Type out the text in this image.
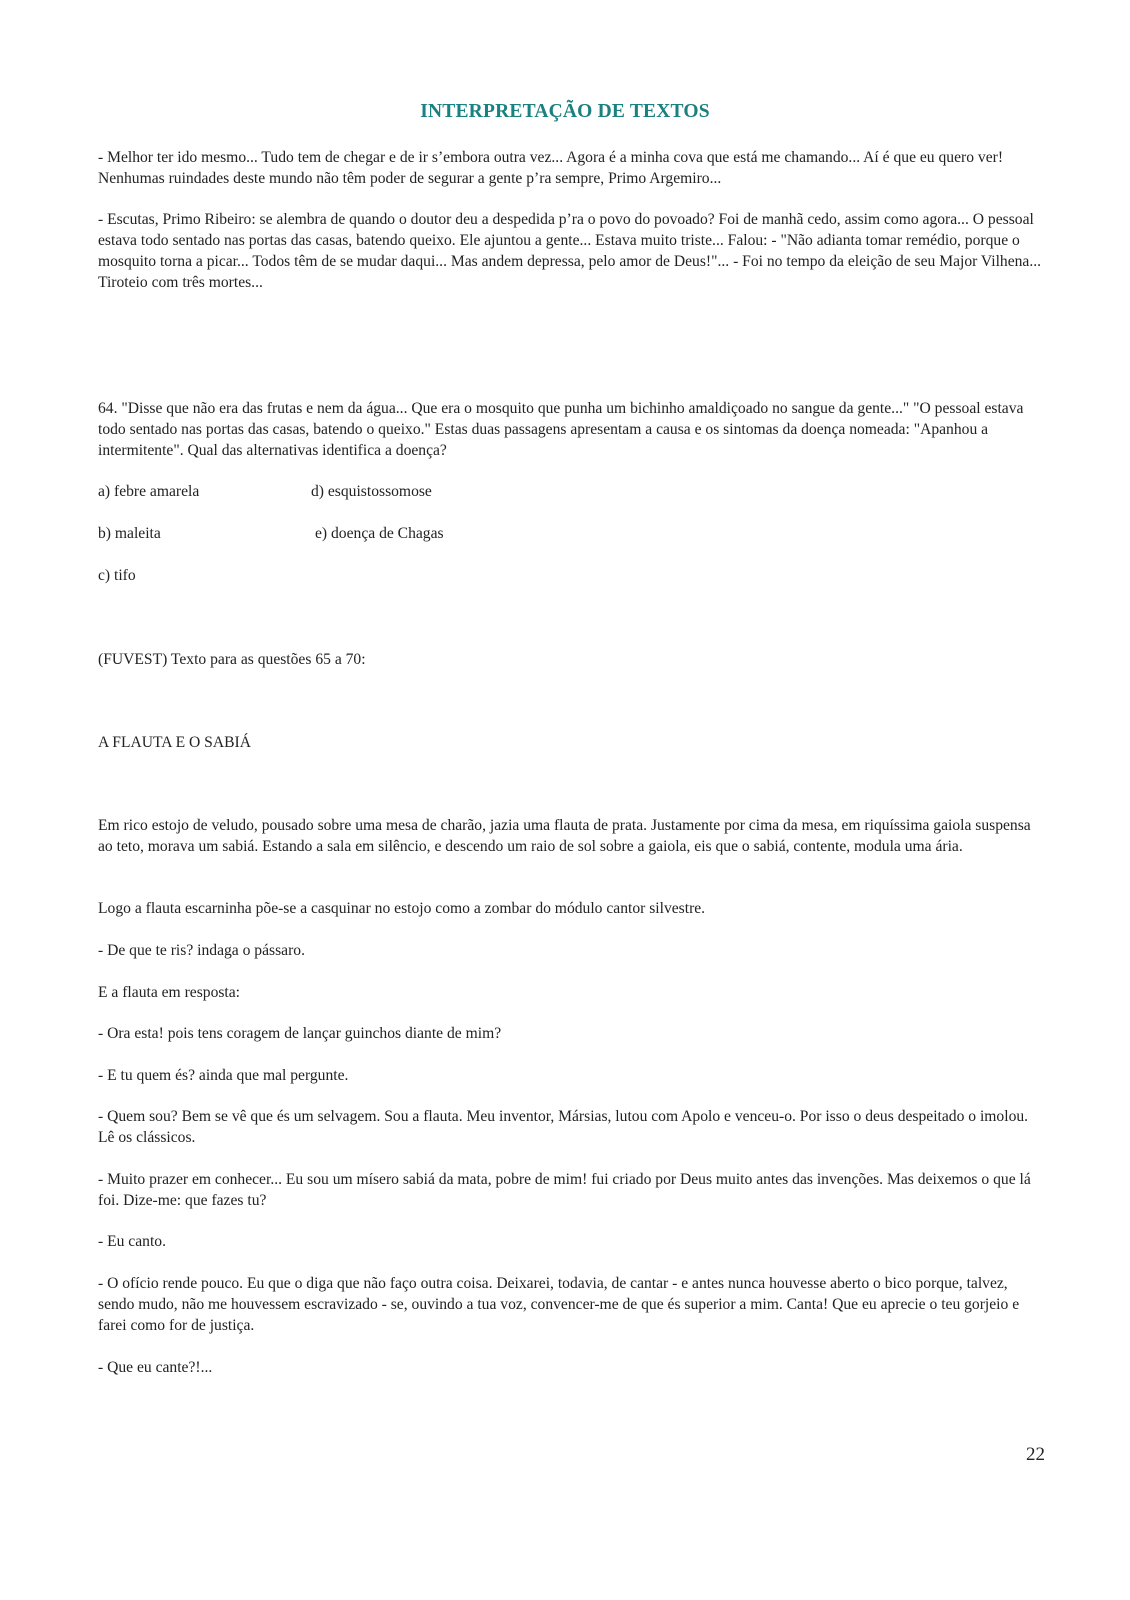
INTERPRETAÇÃO DE TEXTOS

- Melhor ter ido mesmo... Tudo tem de chegar e de ir s’embora outra vez... Agora é a minha cova que está me chamando... Aí é que eu quero ver! Nenhumas ruindades deste mundo não têm poder de segurar a gente p’ra sempre, Primo Argemiro...

- Escutas, Primo Ribeiro: se alembra de quando o doutor deu a despedida p’ra o povo do povoado? Foi de manhã cedo, assim como agora... O pessoal estava todo sentado nas portas das casas, batendo queixo. Ele ajuntou a gente... Estava muito triste... Falou: - "Não adianta tomar remédio, porque o mosquito torna a picar... Todos têm de se mudar daqui... Mas andem depressa, pelo amor de Deus!"... - Foi no tempo da eleição de seu Major Vilhena... Tiroteio com três mortes...

64. "Disse que não era das frutas e nem da água... Que era o mosquito que punha um bichinho amaldiçoado no sangue da gente..." "O pessoal estava todo sentado nas portas das casas, batendo o queixo." Estas duas passagens apresentam a causa e os sintomas da doença nomeada: "Apanhou a intermitente". Qual das alternativas identifica a doença?

a) febre amarela	d) esquistossomose
b) maleita	e) doença de Chagas
c) tifo
(FUVEST) Texto para as questões 65 a 70:
A FLAUTA E O SABIÁ

Em rico estojo de veludo, pousado sobre uma mesa de charão, jazia uma flauta de prata. Justamente por cima da mesa, em riquíssima gaiola suspensa ao teto, morava um sabiá. Estando a sala em silêncio, e descendo um raio de sol sobre a gaiola, eis que o sabiá, contente, modula uma ária.

Logo a flauta escarninha põe-se a casquinar no estojo como a zombar do módulo cantor silvestre.

- De que te ris? indaga o pássaro.

E a flauta em resposta:

- Ora esta! pois tens coragem de lançar guinchos diante de mim?

- E tu quem és? ainda que mal pergunte.

- Quem sou? Bem se vê que és um selvagem. Sou a flauta. Meu inventor, Mársias, lutou com Apolo e venceu-o. Por isso o deus despeitado o imolou. Lê os clássicos.

- Muito prazer em conhecer... Eu sou um mísero sabiá da mata, pobre de mim! fui criado por Deus muito antes das invenções. Mas deixemos o que lá foi. Dize-me: que fazes tu?

- Eu canto.

- O ofício rende pouco. Eu que o diga que não faço outra coisa. Deixarei, todavia, de cantar - e antes nunca houvesse aberto o bico porque, talvez, sendo mudo, não me houvessem escravizado - se, ouvindo a tua voz, convencer-me de que és superior a mim. Canta! Que eu aprecie o teu gorjeio e farei como for de justiça.

- Que eu cante?!...

22
